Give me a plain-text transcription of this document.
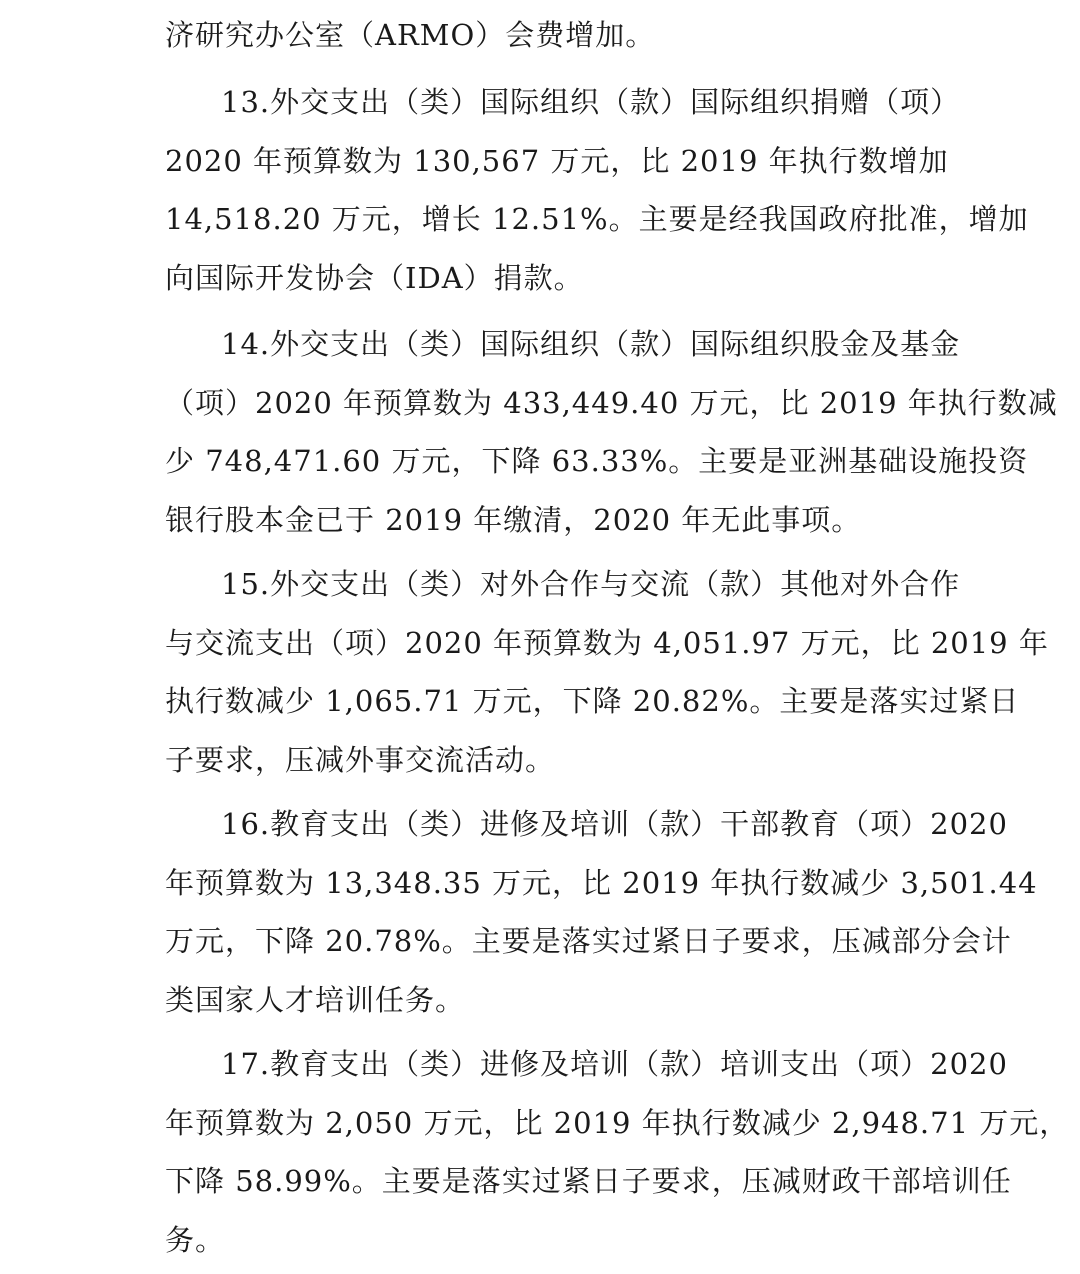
济研究办公室（ARMO）会费增加。
13.外交支出（类）国际组织（款）国际组织捐赠（项）
2020 年预算数为 130,567 万元，比 2019 年执行数增加
14,518.20 万元，增长 12.51%。主要是经我国政府批准，增加
向国际开发协会（IDA）捐款。
14.外交支出（类）国际组织（款）国际组织股金及基金
（项）2020 年预算数为 433,449.40 万元，比 2019 年执行数减
少 748,471.60 万元，下降 63.33%。主要是亚洲基础设施投资
银行股本金已于 2019 年缴清，2020 年无此事项。
15.外交支出（类）对外合作与交流（款）其他对外合作
与交流支出（项）2020 年预算数为 4,051.97 万元，比 2019 年
执行数减少 1,065.71 万元，下降 20.82%。主要是落实过紧日
子要求，压减外事交流活动。
16.教育支出（类）进修及培训（款）干部教育（项）2020
年预算数为 13,348.35 万元，比 2019 年执行数减少 3,501.44
万元，下降 20.78%。主要是落实过紧日子要求，压减部分会计
类国家人才培训任务。
17.教育支出（类）进修及培训（款）培训支出（项）2020
年预算数为 2,050 万元，比 2019 年执行数减少 2,948.71 万元，
下降 58.99%。主要是落实过紧日子要求，压减财政干部培训任
务。
